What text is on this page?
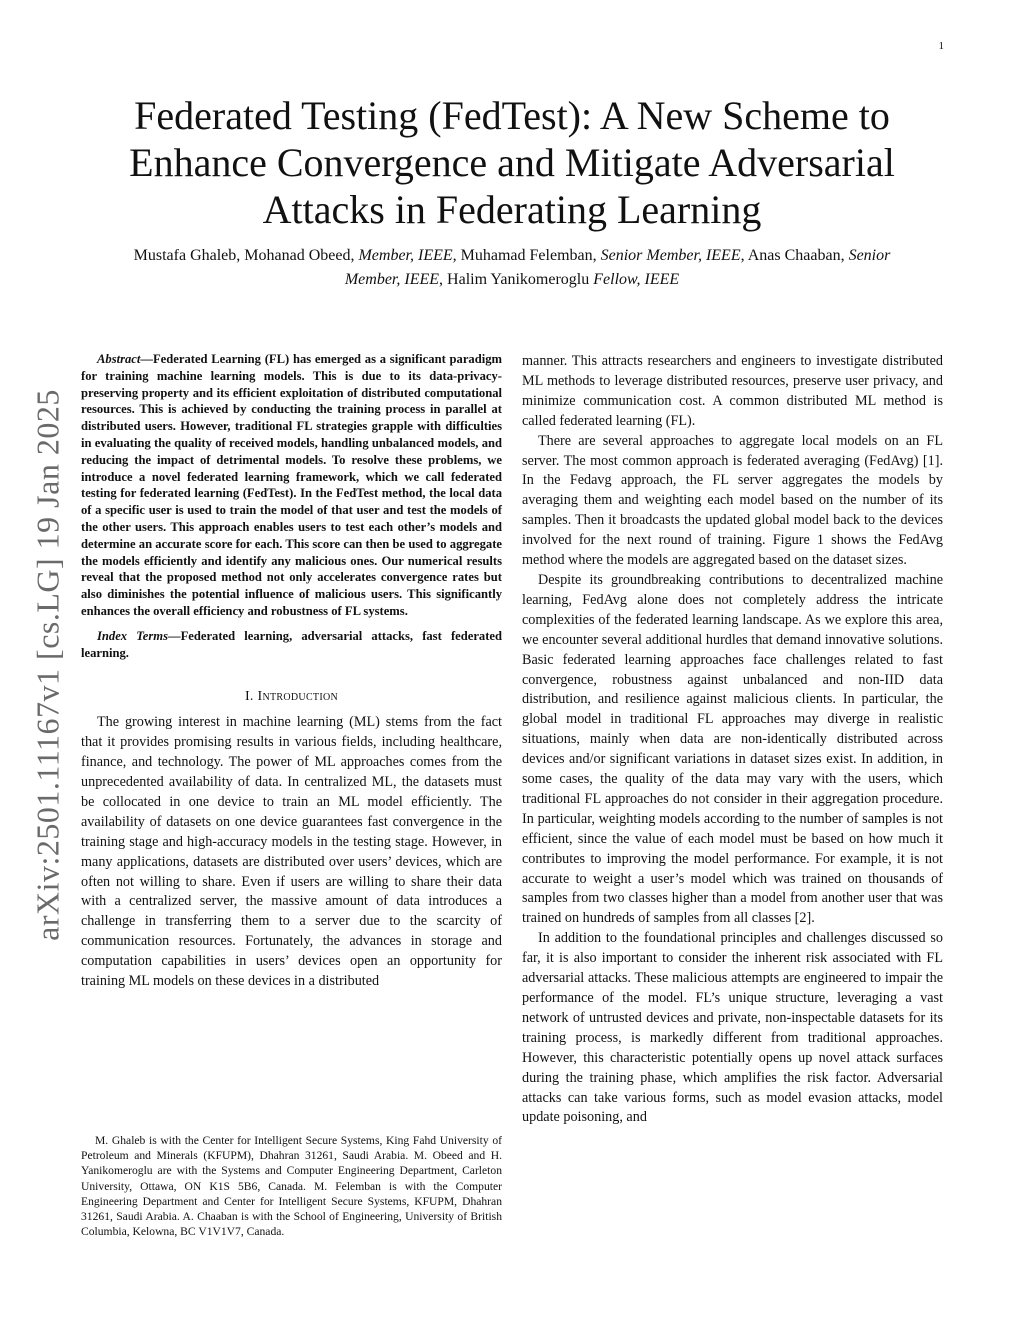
1
Federated Testing (FedTest): A New Scheme to Enhance Convergence and Mitigate Adversarial Attacks in Federating Learning

Mustafa Ghaleb, Mohanad Obeed, Member, IEEE, Muhamad Felemban, Senior Member, IEEE, Anas Chaaban, Senior Member, IEEE, Halim Yanikomeroglu Fellow, IEEE

arXiv:2501.11167v1 [cs.LG] 19 Jan 2025

Abstract—Federated Learning (FL) has emerged as a significant paradigm for training machine learning models. This is due to its data-privacy-preserving property and its efficient exploitation of distributed computational resources. This is achieved by conducting the training process in parallel at distributed users. However, traditional FL strategies grapple with difficulties in evaluating the quality of received models, handling unbalanced models, and reducing the impact of detrimental models. To resolve these problems, we introduce a novel federated learning framework, which we call federated testing for federated learning (FedTest). In the FedTest method, the local data of a specific user is used to train the model of that user and test the models of the other users. This approach enables users to test each other’s models and determine an accurate score for each. This score can then be used to aggregate the models efficiently and identify any malicious ones. Our numerical results reveal that the proposed method not only accelerates convergence rates but also diminishes the potential influence of malicious users. This significantly enhances the overall efficiency and robustness of FL systems.

Index Terms—Federated learning, adversarial attacks, fast federated learning.

I. Introduction

The growing interest in machine learning (ML) stems from the fact that it provides promising results in various fields, including healthcare, finance, and technology. The power of ML approaches comes from the unprecedented availability of data. In centralized ML, the datasets must be collocated in one device to train an ML model efficiently. The availability of datasets on one device guarantees fast convergence in the training stage and high-accuracy models in the testing stage. However, in many applications, datasets are distributed over users’ devices, which are often not willing to share. Even if users are willing to share their data with a centralized server, the massive amount of data introduces a challenge in transferring them to a server due to the scarcity of communication resources. Fortunately, the advances in storage and computation capabilities in users’ devices open an opportunity for training ML models on these devices in a distributed

M. Ghaleb is with the Center for Intelligent Secure Systems, King Fahd University of Petroleum and Minerals (KFUPM), Dhahran 31261, Saudi Arabia. M. Obeed and H. Yanikomeroglu are with the Systems and Computer Engineering Department, Carleton University, Ottawa, ON K1S 5B6, Canada. M. Felemban is with the Computer Engineering Department and Center for Intelligent Secure Systems, KFUPM, Dhahran 31261, Saudi Arabia. A. Chaaban is with the School of Engineering, University of British Columbia, Kelowna, BC V1V1V7, Canada.

manner. This attracts researchers and engineers to investigate distributed ML methods to leverage distributed resources, preserve user privacy, and minimize communication cost. A common distributed ML method is called federated learning (FL).

There are several approaches to aggregate local models on an FL server. The most common approach is federated averaging (FedAvg) [1]. In the Fedavg approach, the FL server aggregates the models by averaging them and weighting each model based on the number of its samples. Then it broadcasts the updated global model back to the devices involved for the next round of training. Figure 1 shows the FedAvg method where the models are aggregated based on the dataset sizes.

Despite its groundbreaking contributions to decentralized machine learning, FedAvg alone does not completely address the intricate complexities of the federated learning landscape. As we explore this area, we encounter several additional hurdles that demand innovative solutions. Basic federated learning approaches face challenges related to fast convergence, robustness against unbalanced and non-IID data distribution, and resilience against malicious clients. In particular, the global model in traditional FL approaches may diverge in realistic situations, mainly when data are non-identically distributed across devices and/or significant variations in dataset sizes exist. In addition, in some cases, the quality of the data may vary with the users, which traditional FL approaches do not consider in their aggregation procedure. In particular, weighting models according to the number of samples is not efficient, since the value of each model must be based on how much it contributes to improving the model performance. For example, it is not accurate to weight a user’s model which was trained on thousands of samples from two classes higher than a model from another user that was trained on hundreds of samples from all classes [2].

In addition to the foundational principles and challenges discussed so far, it is also important to consider the inherent risk associated with FL adversarial attacks. These malicious attempts are engineered to impair the performance of the model. FL’s unique structure, leveraging a vast network of untrusted devices and private, non-inspectable datasets for its training process, is markedly different from traditional approaches. However, this characteristic potentially opens up novel attack surfaces during the training phase, which amplifies the risk factor. Adversarial attacks can take various forms, such as model evasion attacks, model update poisoning, and
